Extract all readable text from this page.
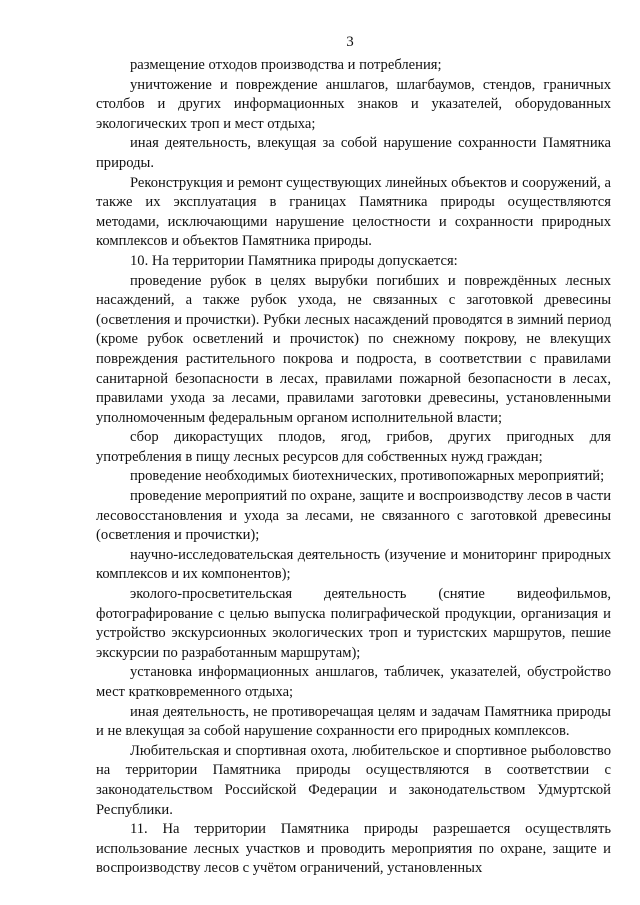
3

размещение отходов производства и потребления;

уничтожение и повреждение аншлагов, шлагбаумов, стендов, граничных столбов и других информационных знаков и указателей, оборудованных экологических троп и мест отдыха;

иная деятельность, влекущая за собой нарушение сохранности Памятника природы.

Реконструкция и ремонт существующих линейных объектов и сооружений, а также их эксплуатация в границах Памятника природы осуществляются методами, исключающими нарушение целостности и сохранности природных комплексов и объектов Памятника природы.

10. На территории Памятника природы допускается:

проведение рубок в целях вырубки погибших и повреждённых лесных насаждений, а также рубок ухода, не связанных с заготовкой древесины (осветления и прочистки). Рубки лесных насаждений проводятся в зимний период (кроме рубок осветлений и прочисток) по снежному покрову, не влекущих повреждения растительного покрова и подроста, в соответствии с правилами санитарной безопасности в лесах, правилами пожарной безопасности в лесах, правилами ухода за лесами, правилами заготовки древесины, установленными уполномоченным федеральным органом исполнительной власти;

сбор дикорастущих плодов, ягод, грибов, других пригодных для употребления в пищу лесных ресурсов для собственных нужд граждан;

проведение необходимых биотехнических, противопожарных мероприятий;

проведение мероприятий по охране, защите и воспроизводству лесов в части лесовосстановления и ухода за лесами, не связанного с заготовкой древесины (осветления и прочистки);

научно-исследовательская деятельность (изучение и мониторинг природных комплексов и их компонентов);

эколого-просветительская деятельность (снятие видеофильмов, фотографирование с целью выпуска полиграфической продукции, организация и устройство экскурсионных экологических троп и туристских маршрутов, пешие экскурсии по разработанным маршрутам);

установка информационных аншлагов, табличек, указателей, обустройство мест кратковременного отдыха;

иная деятельность, не противоречащая целям и задачам Памятника природы и не влекущая за собой нарушение сохранности его природных комплексов.

Любительская и спортивная охота, любительское и спортивное рыболовство на территории Памятника природы осуществляются в соответствии с законодательством Российской Федерации и законодательством Удмуртской Республики.

11. На территории Памятника природы разрешается осуществлять использование лесных участков и проводить мероприятия по охране, защите и воспроизводству лесов с учётом ограничений, установленных
